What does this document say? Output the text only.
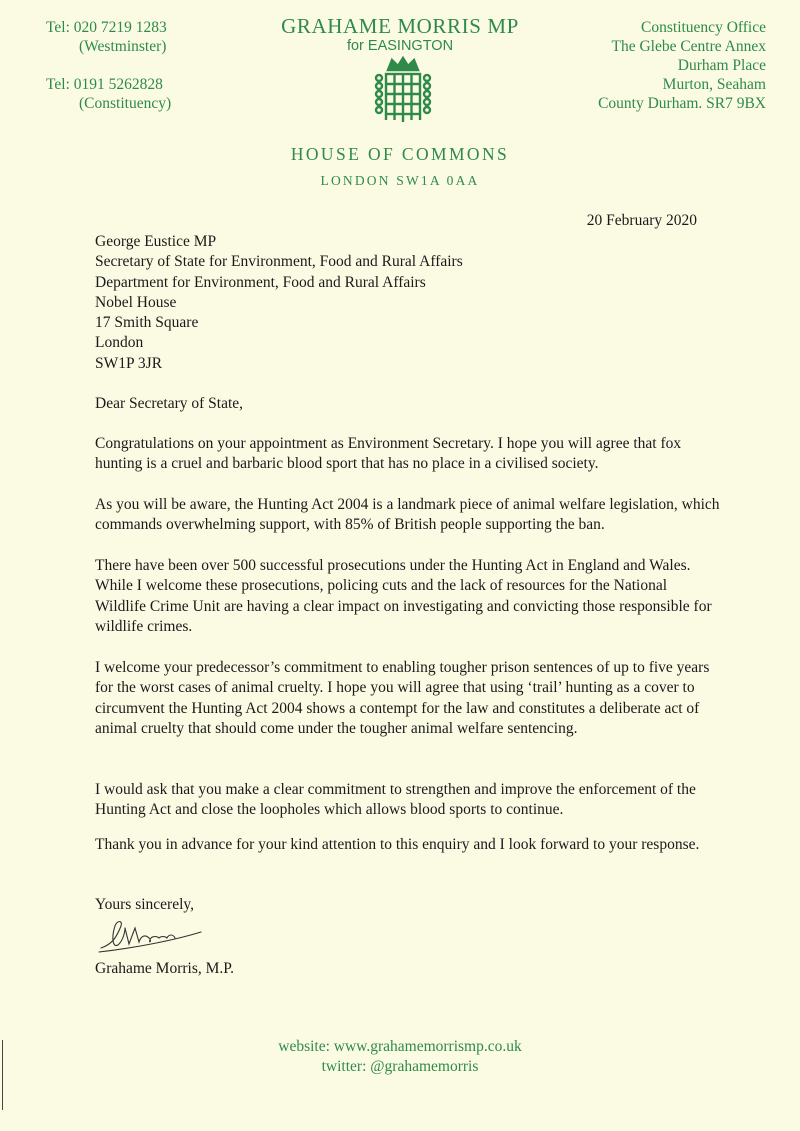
Tel: 020 7219 1283
(Westminster)
Tel: 0191 5262828
(Constituency)
GRAHAME MORRIS MP
for EASINGTON
Constituency Office
The Glebe Centre Annex
Durham Place
Murton, Seaham
County Durham. SR7 9BX
HOUSE OF COMMONS
LONDON SW1A 0AA
20 February 2020
George Eustice MP
Secretary of State for Environment, Food and Rural Affairs
Department for Environment, Food and Rural Affairs
Nobel House
17 Smith Square
London
SW1P 3JR
Dear Secretary of State,

Congratulations on your appointment as Environment Secretary. I hope you will agree that fox hunting is a cruel and barbaric blood sport that has no place in a civilised society.

As you will be aware, the Hunting Act 2004 is a landmark piece of animal welfare legislation, which commands overwhelming support, with 85% of British people supporting the ban.

There have been over 500 successful prosecutions under the Hunting Act in England and Wales. While I welcome these prosecutions, policing cuts and the lack of resources for the National Wildlife Crime Unit are having a clear impact on investigating and convicting those responsible for wildlife crimes.

I welcome your predecessor’s commitment to enabling tougher prison sentences of up to five years for the worst cases of animal cruelty. I hope you will agree that using ‘trail’ hunting as a cover to circumvent the Hunting Act 2004 shows a contempt for the law and constitutes a deliberate act of animal cruelty that should come under the tougher animal welfare sentencing.

I would ask that you make a clear commitment to strengthen and improve the enforcement of the Hunting Act and close the loopholes which allows blood sports to continue.

Thank you in advance for your kind attention to this enquiry and I look forward to your response.

Yours sincerely,
Grahame Morris, M.P.
website: www.grahamemorrismp.co.uk
twitter: @grahamemorris
